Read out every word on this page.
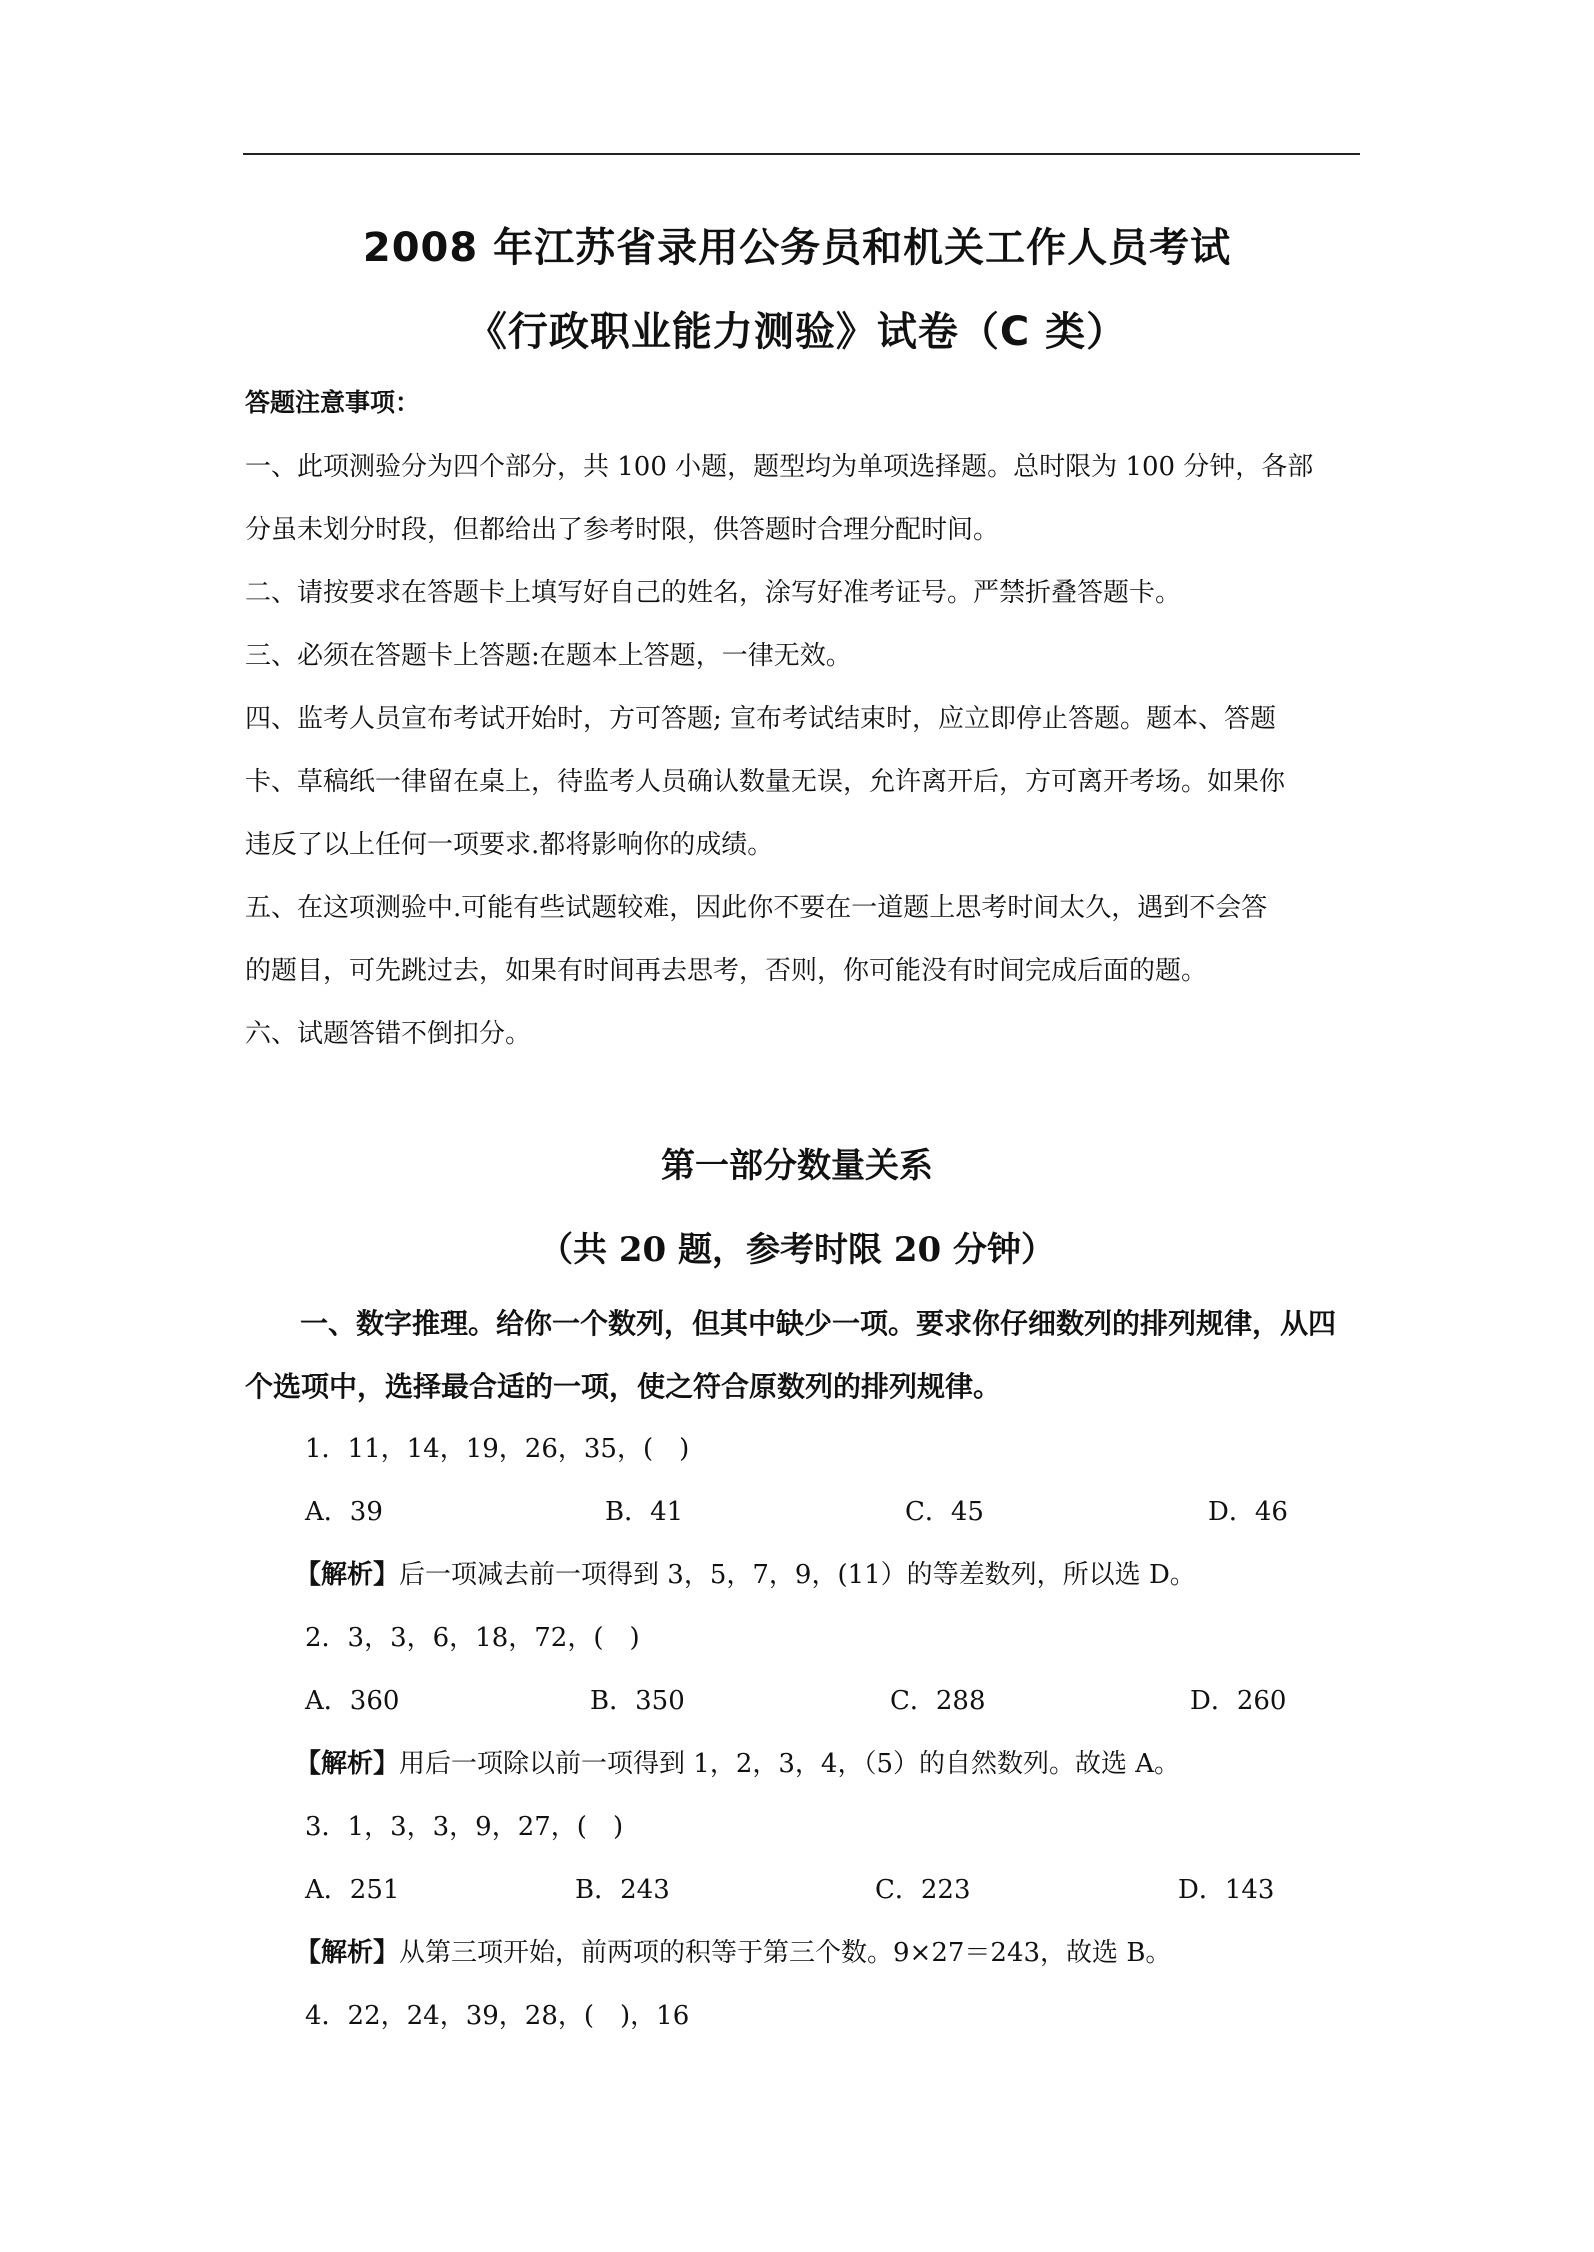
2008 年江苏省录用公务员和机关工作人员考试
《行政职业能力测验》试卷（C 类）
答题注意事项：
一、此项测验分为四个部分，共 100 小题，题型均为单项选择题。总时限为 100 分钟，各部
分虽未划分时段，但都给出了参考时限，供答题时合理分配时间。
二、请按要求在答题卡上填写好自己的姓名，涂写好准考证号。严禁折叠答题卡。
三、必须在答题卡上答题:在题本上答题，一律无效。
四、监考人员宣布考试开始时，方可答题; 宣布考试结束时，应立即停止答题。题本、答题
卡、草稿纸一律留在桌上，待监考人员确认数量无误，允许离开后，方可离开考场。如果你
违反了以上任何一项要求.都将影响你的成绩。
五、在这项测验中.可能有些试题较难，因此你不要在一道题上思考时间太久，遇到不会答
的题目，可先跳过去，如果有时间再去思考，否则，你可能没有时间完成后面的题。
六、试题答错不倒扣分。
第一部分数量关系
（共 20 题，参考时限 20 分钟）
一、数字推理。给你一个数列，但其中缺少一项。要求你仔细数列的排列规律，从四
个选项中，选择最合适的一项，使之符合原数列的排列规律。
1．11，14，19，26，35，(　)
A．39	B．41	C．45	D．46
【解析】后一项减去前一项得到 3，5，7，9，(11）的等差数列，所以选 D。
2．3，3，6，18，72，(　)
A．360	B．350	C．288	D．260
【解析】用后一项除以前一项得到 1，2，3，4，（5）的自然数列。故选 A。
3．1，3，3，9，27，(　)
A．251	B．243	C．223	D．143
【解析】从第三项开始，前两项的积等于第三个数。9×27＝243，故选 B。
4．22，24，39，28，(　)，16
